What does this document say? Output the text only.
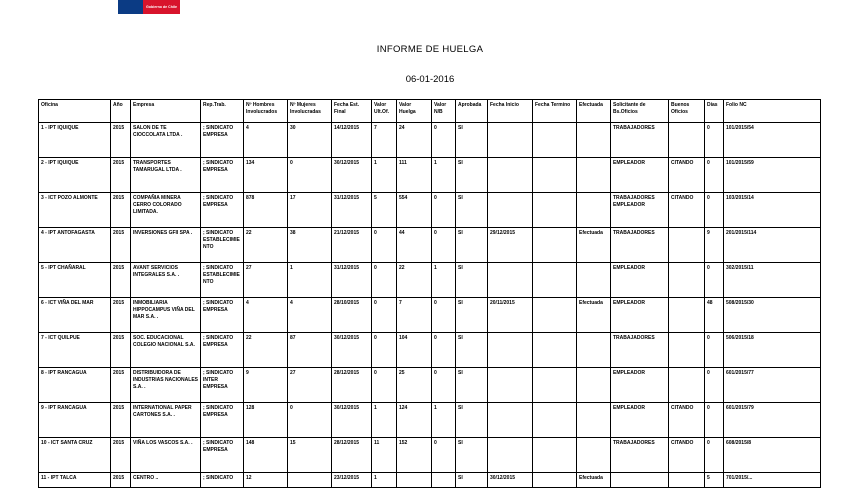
Gobierno de Chile
INFORME DE HUELGA
06-01-2016
Oficina	Año	Empresa	Rep.Trab.	Nº Hombres Involucrados	Nº Mujeres Involucradas	Fecha Est. Final	Valor Ult.Of.	Valor Huelga	Valor N/B	Aprobada	Fecha Inicio	Fecha Termino	Efectuada	Solicitante de Bs.Oficios	Buenos Oficios	Días	Folio NC
1 - IPT IQUIQUE	2015	SALON DE TE CIOCCOLATA LTDA .	; SINDICATO EMPRESA	4	30	14/12/2015	7	24	0	SI				TRABAJADORES		0	101/2015/54
2 - IPT IQUIQUE	2015	TRANSPORTES TAMARUGAL LTDA .	; SINDICATO EMPRESA	134	0	30/12/2015	1	111	1	SI				EMPLEADOR	CITANDO	0	101/2015/59
3 - ICT POZO ALMONTE	2015	COMPAÑIA MINERA CERRO COLORADO LIMITADA.	; SINDICATO EMPRESA	878	17	31/12/2015	5	554	0	SI				TRABAJADORES EMPLEADOR	CITANDO	0	103/2015/14
4 - IPT ANTOFAGASTA	2015	INVERSIONES GFII SPA .	; SINDICATO ESTABLECIMIENTO	22	38	21/12/2015	0	44	0	SI	29/12/2015		Efectuada	TRABAJADORES		9	201/2015/114
5 - IPT CHAÑARAL	2015	AVANT SERVICIOS INTEGRALES S.A. .	; SINDICATO ESTABLECIMIENTO	27	1	31/12/2015	0	22	1	SI				EMPLEADOR		0	302/2015/11
6 - ICT VIÑA DEL MAR	2015	INMOBILIARIA HIPPOCAMPUS VIÑA DEL MAR S.A. .	; SINDICATO EMPRESA	4	4	28/10/2015	0	7	0	SI	20/11/2015		Efectuada	EMPLEADOR		48	508/2015/30
7 - ICT QUILPUE	2015	SOC. EDUCACIONAL COLEGIO NACIONAL S.A.	; SINDICATO EMPRESA	22	87	30/12/2015	0	104	0	SI				TRABAJADORES		0	506/2015/18
8 - IPT RANCAGUA	2015	DISTRIBUIDORA DE INDUSTRIAS NACIONALES S.A. .	; SINDICATO INTER EMPRESA	9	27	28/12/2015	0	25	0	SI				EMPLEADOR		0	601/2015/77
9 - IPT RANCAGUA	2015	INTERNATIONAL PAPER CARTONES S.A. .	; SINDICATO EMPRESA	128	0	30/12/2015	1	124	1	SI				EMPLEADOR	CITANDO	0	601/2015/79
10 - ICT SANTA CRUZ	2015	VIÑA LOS VASCOS S.A. .	; SINDICATO EMPRESA	148	15	28/12/2015	11	152	0	SI				TRABAJADORES	CITANDO	0	608/2015/8
11 - IPT TALCA	2015	CENTRO ..	; SINDICATO	12		23/12/2015	1			SI	30/12/2015		Efectuada			5	701/2015/...
